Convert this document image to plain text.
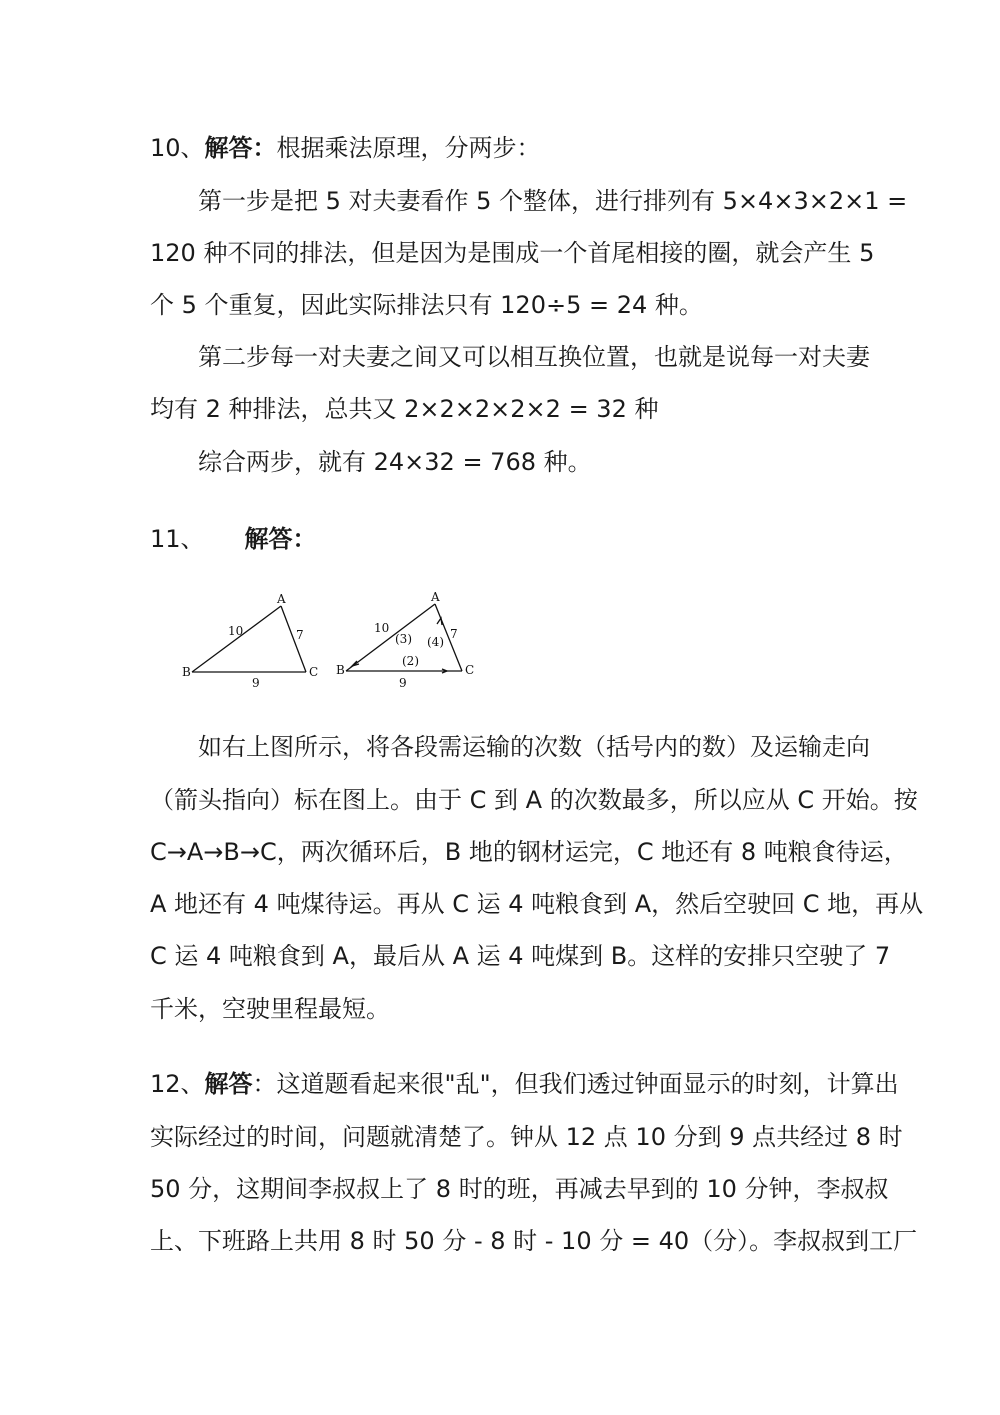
10、解答：根据乘法原理，分两步：
第一步是把 5 对夫妻看作 5 个整体，进行排列有 5×4×3×2×1 =
120 种不同的排法，但是因为是围成一个首尾相接的圈，就会产生 5
个 5 个重复，因此实际排法只有 120÷5 = 24 种。
第二步每一对夫妻之间又可以相互换位置，也就是说每一对夫妻
均有 2 种排法，总共又 2×2×2×2×2 = 32 种
综合两步，就有 24×32 = 768 种。
11、 解答：
A
B	C
10	7
9
A
B	C
10	7
9
(3) (4)
(2)
如右上图所示，将各段需运输的次数（括号内的数）及运输走向
（箭头指向）标在图上。由于 C 到 A 的次数最多，所以应从 C 开始。按
C→A→B→C，两次循环后，B 地的钢材运完，C 地还有 8 吨粮食待运，
A 地还有 4 吨煤待运。再从 C 运 4 吨粮食到 A，然后空驶回 C 地，再从
C 运 4 吨粮食到 A，最后从 A 运 4 吨煤到 B。这样的安排只空驶了 7
千米，空驶里程最短。
12、解答：这道题看起来很"乱"，但我们透过钟面显示的时刻，计算出
实际经过的时间，问题就清楚了。钟从 12 点 10 分到 9 点共经过 8 时
50 分，这期间李叔叔上了 8 时的班，再减去早到的 10 分钟，李叔叔
上、下班路上共用 8 时 50 分 - 8 时 - 10 分 = 40（分）。李叔叔到工厂
